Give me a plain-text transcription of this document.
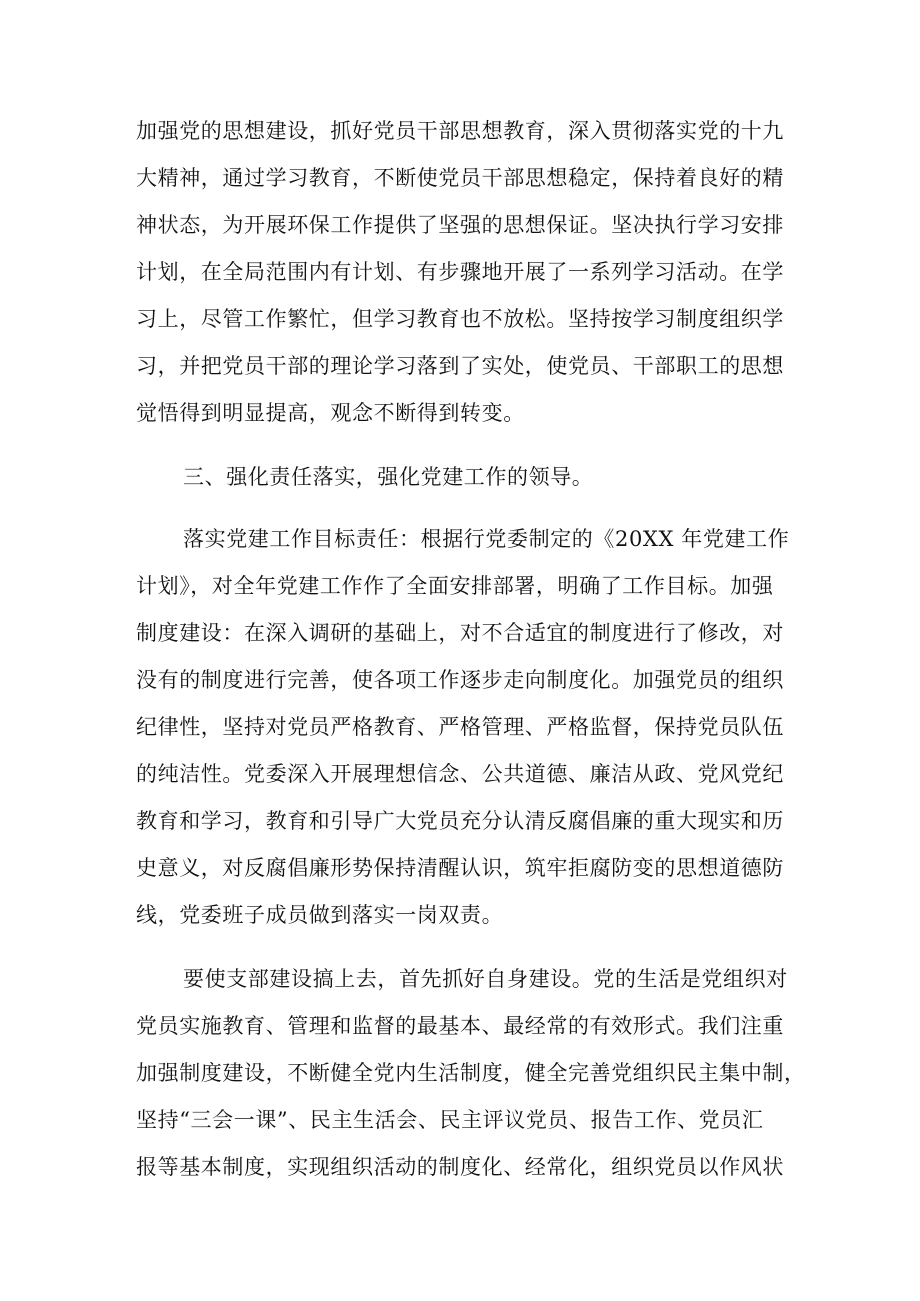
加强党的思想建设，抓好党员干部思想教育，深入贯彻落实党的十九
大精神，通过学习教育，不断使党员干部思想稳定，保持着良好的精
神状态，为开展环保工作提供了坚强的思想保证。坚决执行学习安排
计划，在全局范围内有计划、有步骤地开展了一系列学习活动。在学
习上，尽管工作繁忙，但学习教育也不放松。坚持按学习制度组织学
习，并把党员干部的理论学习落到了实处，使党员、干部职工的思想
觉悟得到明显提高，观念不断得到转变。
三、强化责任落实，强化党建工作的领导。
落实党建工作目标责任：根据行党委制定的《20XX 年党建工作
计划》，对全年党建工作作了全面安排部署，明确了工作目标。加强
制度建设：在深入调研的基础上，对不合适宜的制度进行了修改，对
没有的制度进行完善，使各项工作逐步走向制度化。加强党员的组织
纪律性，坚持对党员严格教育、严格管理、严格监督，保持党员队伍
的纯洁性。党委深入开展理想信念、公共道德、廉洁从政、党风党纪
教育和学习，教育和引导广大党员充分认清反腐倡廉的重大现实和历
史意义，对反腐倡廉形势保持清醒认识，筑牢拒腐防变的思想道德防
线，党委班子成员做到落实一岗双责。
要使支部建设搞上去，首先抓好自身建设。党的生活是党组织对
党员实施教育、管理和监督的最基本、最经常的有效形式。我们注重
加强制度建设，不断健全党内生活制度，健全完善党组织民主集中制，
坚持“三会一课”、民主生活会、民主评议党员、报告工作、党员汇
报等基本制度，实现组织活动的制度化、经常化，组织党员以作风状
